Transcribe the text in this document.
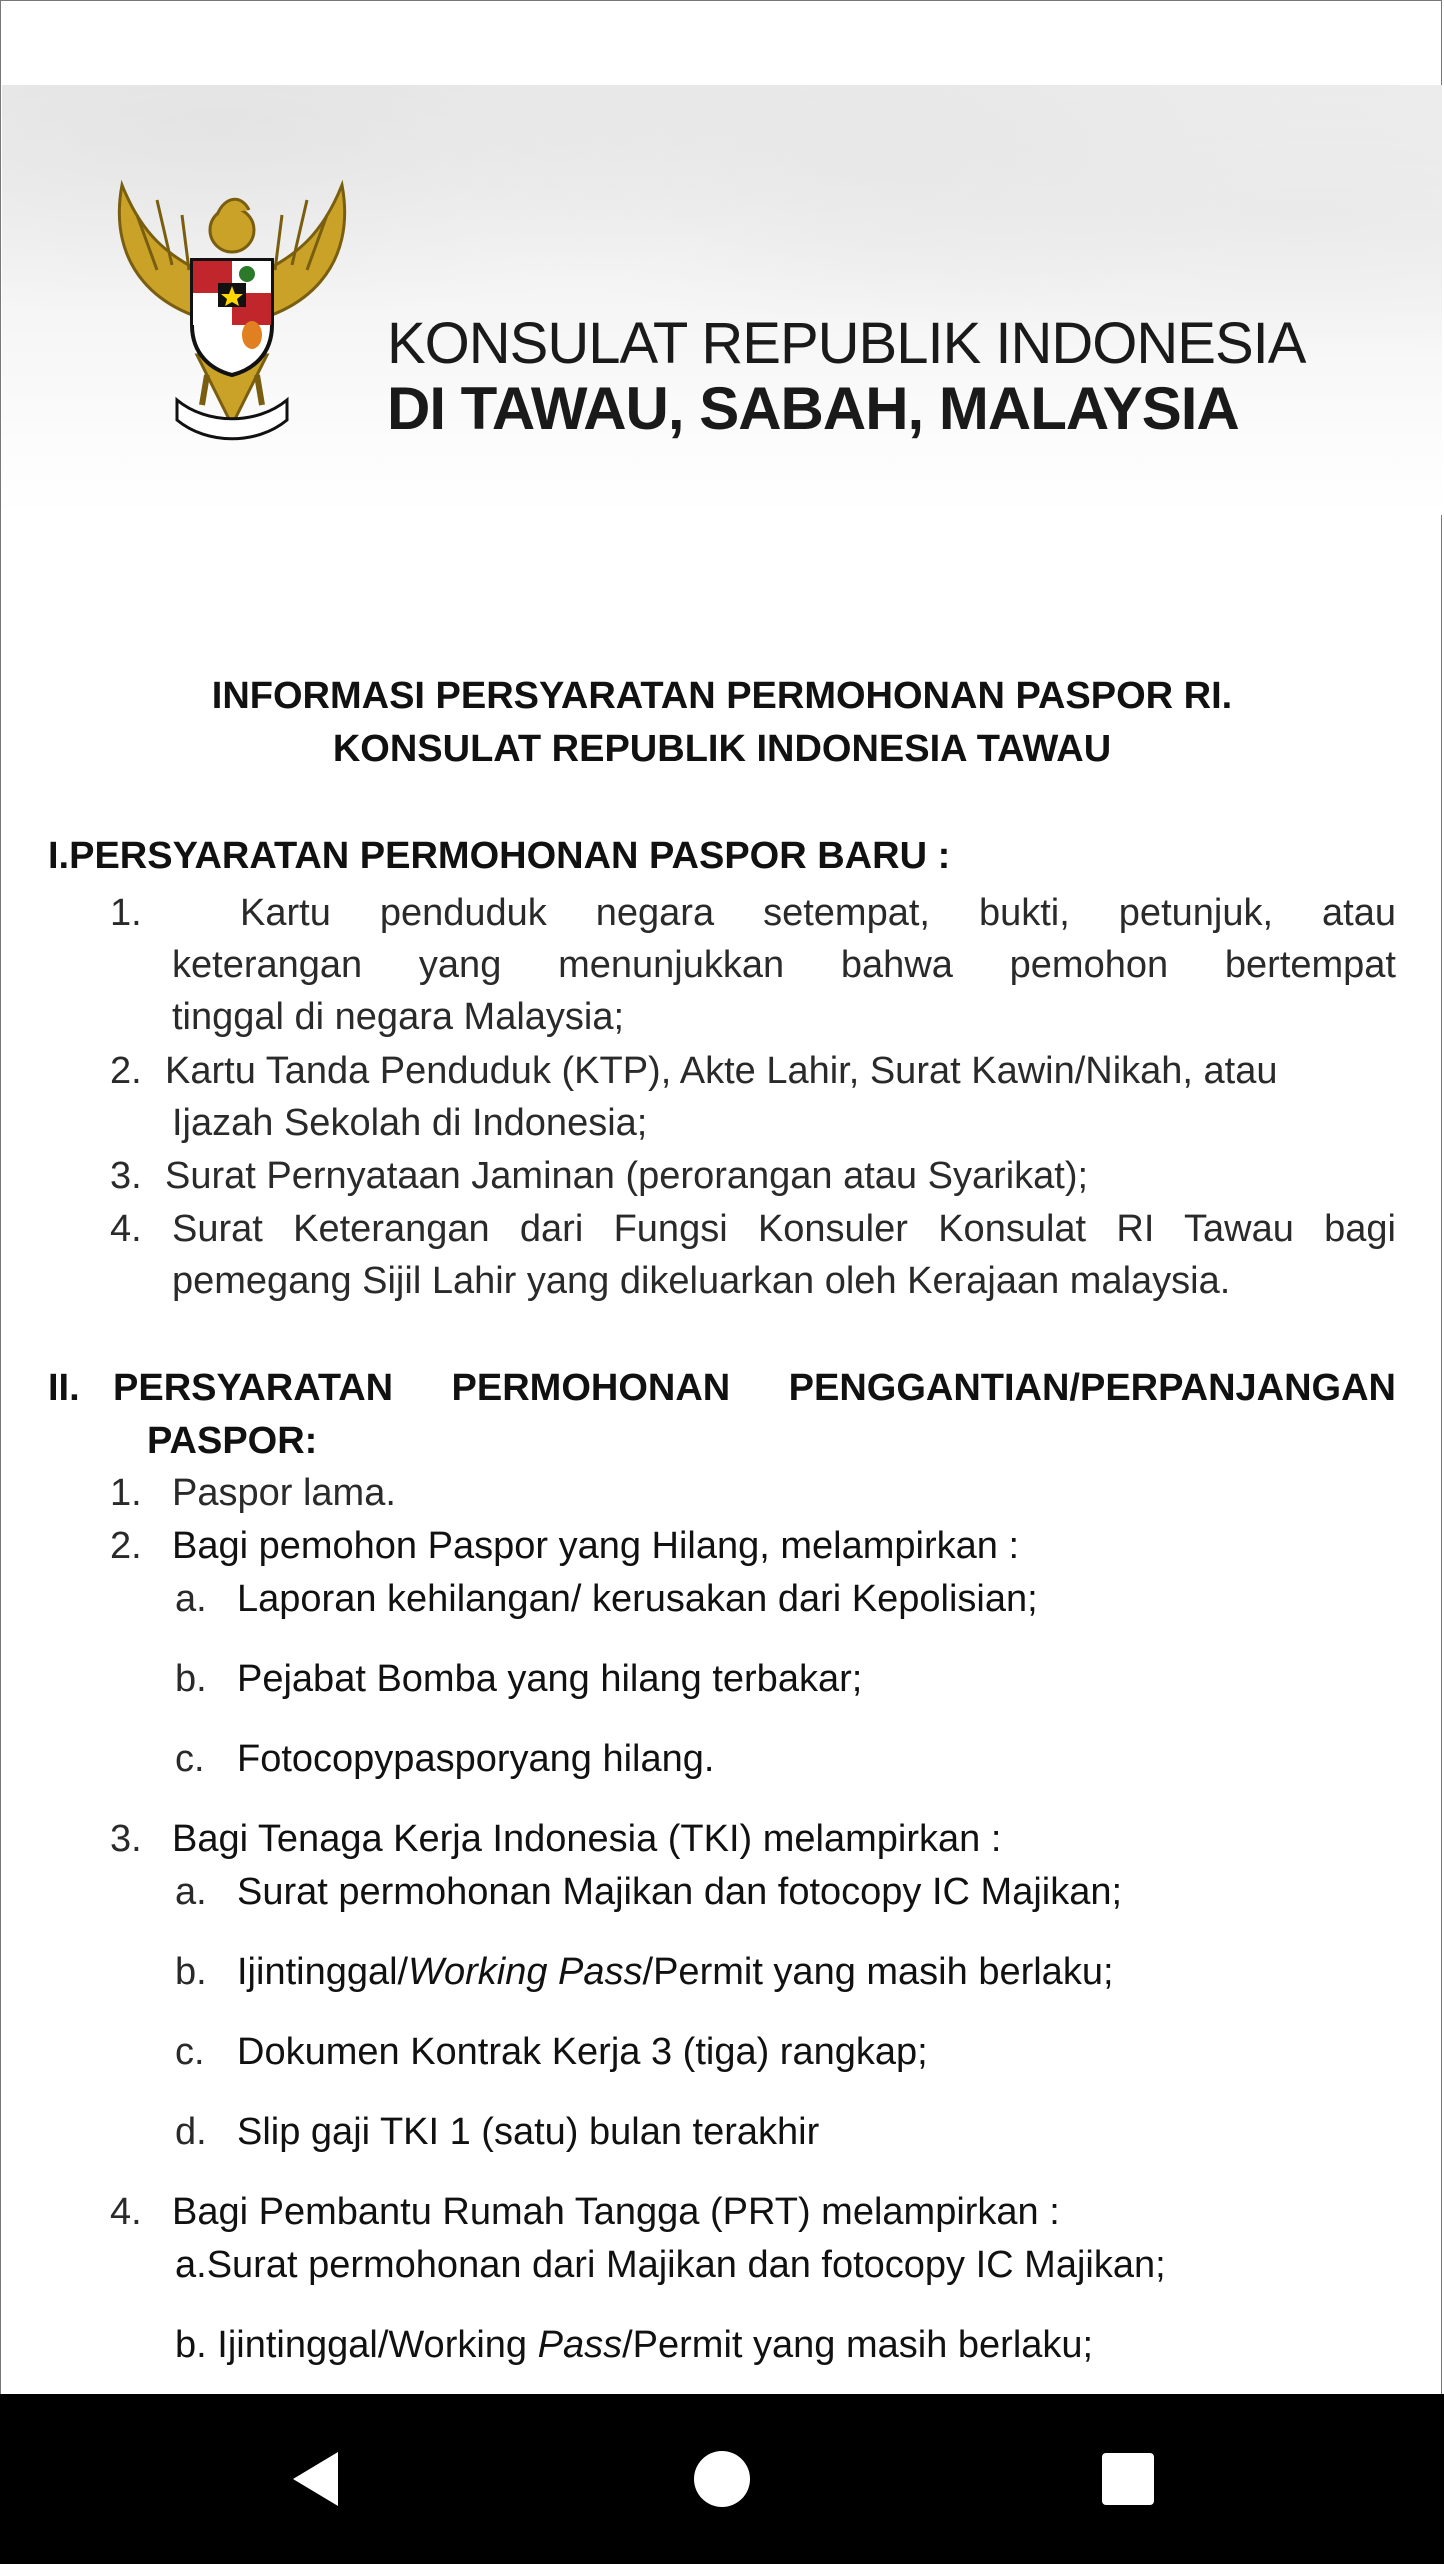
KONSULAT REPUBLIK INDONESIA
DI TAWAU, SABAH, MALAYSIA
INFORMASI PERSYARATAN PERMOHONAN PASPOR RI.
KONSULAT REPUBLIK INDONESIA TAWAU
I.PERSYARATAN PERMOHONAN PASPOR BARU :
1.	Kartu penduduk negara setempat, bukti, petunjuk, atau
keterangan yang menunjukkan bahwa pemohon bertempat
tinggal di negara Malaysia;
2. Kartu Tanda Penduduk (KTP), Akte Lahir, Surat Kawin/Nikah, atau
Ijazah Sekolah di Indonesia;
3. Surat Pernyataan Jaminan (perorangan atau Syarikat);
4. Surat Keterangan dari Fungsi Konsuler Konsulat RI Tawau bagi
pemegang Sijil Lahir yang dikeluarkan oleh Kerajaan malaysia.
II. PERSYARATAN PERMOHONAN PENGGANTIAN/PERPANJANGAN
PASPOR:
1. Paspor lama.
2. Bagi pemohon Paspor yang Hilang, melampirkan :
a. Laporan kehilangan/ kerusakan dari Kepolisian;
b. Pejabat Bomba yang hilang terbakar;
c. Fotocopypasporyang hilang.
3. Bagi Tenaga Kerja Indonesia (TKI) melampirkan :
a. Surat permohonan Majikan dan fotocopy IC Majikan;
b. Ijintinggal/Working Pass/Permit yang masih berlaku;
c. Dokumen Kontrak Kerja 3 (tiga) rangkap;
d. Slip gaji TKI 1 (satu) bulan terakhir
4. Bagi Pembantu Rumah Tangga (PRT) melampirkan :
a.Surat permohonan dari Majikan dan fotocopy IC Majikan;
b. Ijintinggal/Working Pass/Permit yang masih berlaku;
